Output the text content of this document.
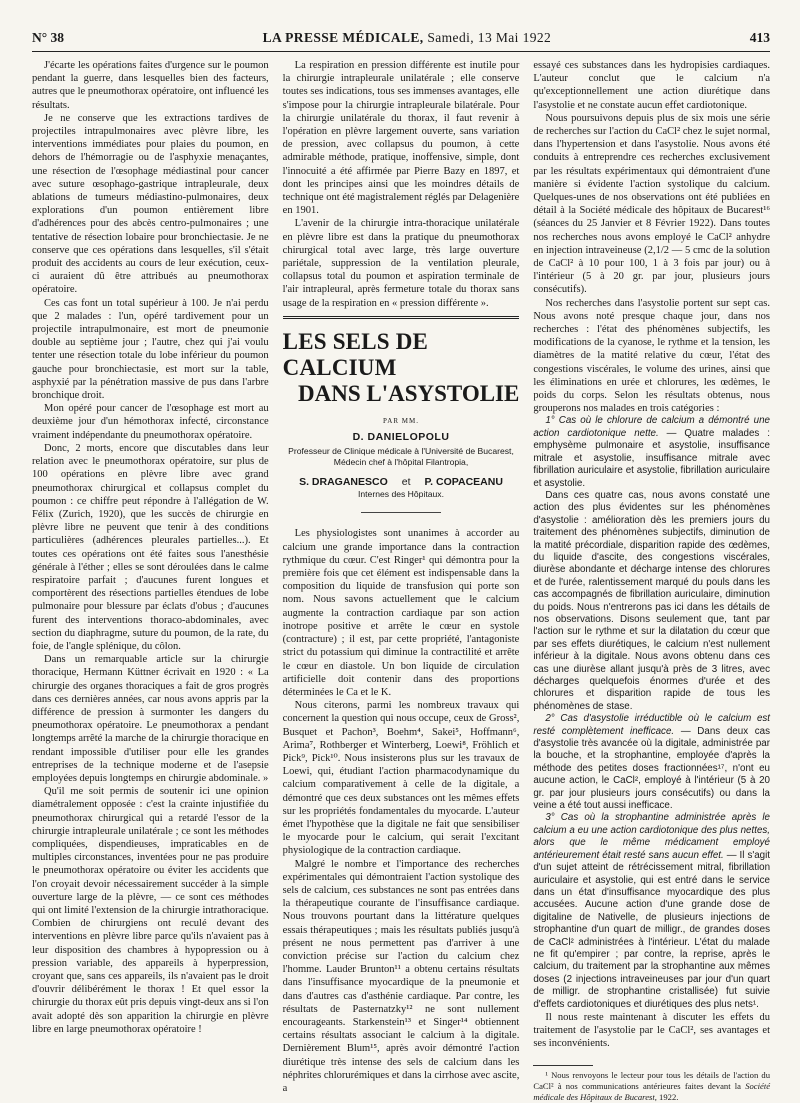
N° 38	LA PRESSE MÉDICALE, Samedi, 13 Mai 1922	413

J'écarte les opérations faites d'urgence sur le poumon pendant la guerre, dans lesquelles bien des facteurs, autres que le pneumothorax opératoire, ont influencé les résultats.

Je ne conserve que les extractions tardives de projectiles intrapulmonaires avec plèvre libre, les interventions immédiates pour plaies du poumon, en dehors de l'hémorragie ou de l'asphyxie menaçantes, une résection de l'œsophage médiastinal pour cancer avec suture œsophago-gastrique intrapleurale, deux ablations de tumeurs médiastino-pulmonaires, deux explorations d'un poumon entièrement libre d'adhérences pour des abcès centro-pulmonaires ; une tentative de résection lobaire pour bronchiectasie. Je ne conserve que ces opérations dans lesquelles, s'il s'était produit des accidents au cours de leur exécution, ceux-ci auraient dû être attribués au pneumothorax opératoire.

Ces cas font un total supérieur à 100. Je n'ai perdu que 2 malades : l'un, opéré tardivement pour un projectile intrapulmonaire, est mort de pneumonie double au septième jour ; l'autre, chez qui j'ai voulu tenter une résection totale du lobe inférieur du poumon gauche pour bronchiectasie, est mort sur la table, asphyxié par la pénétration massive de pus dans l'arbre bronchique droit.

Mon opéré pour cancer de l'œsophage est mort au deuxième jour d'un hémothorax infecté, circonstance vraiment indépendante du pneumothorax opératoire.

Donc, 2 morts, encore que discutables dans leur relation avec le pneumothorax opératoire, sur plus de 100 opérations en plèvre libre avec grand pneumothorax chirurgical et collapsus complet du poumon : ce chiffre peut répondre à l'allégation de W. Félix (Zurich, 1920), que les succès de chirurgie en plèvre libre ne peuvent que tenir à des conditions particulières (adhérences pleurales partielles...). Et toutes ces opérations ont été faites sous l'anesthésie générale à l'éther ; elles se sont déroulées dans le calme respiratoire parfait ; d'aucunes furent longues et comportèrent des résections partielles étendues de lobe pulmonaire pour blessure par éclats d'obus ; d'aucunes furent des interventions thoraco-abdominales, avec section du diaphragme, suture du poumon, de la rate, du foie, de l'angle splénique, du côlon.

Dans un remarquable article sur la chirurgie thoracique, Hermann Küttner écrivait en 1920 : « La chirurgie des organes thoraciques a fait de gros progrès dans ces dernières années, car nous avons appris par la différence de pression à surmonter les dangers du pneumothorax opératoire. Le pneumothorax a pendant longtemps arrêté la marche de la chirurgie thoracique en rendant impossible d'utiliser pour elle les grandes entreprises de la technique moderne et de l'asepsie employées depuis longtemps en chirurgie abdominale. »

Qu'il me soit permis de soutenir ici une opinion diamétralement opposée : c'est la crainte injustifiée du pneumothorax chirurgical qui a retardé l'essor de la chirurgie intrapleurale unilatérale ; ce sont les méthodes compliquées, dispendieuses, impraticables en de multiples circonstances, inventées pour ne pas produire le pneumothorax opératoire ou éviter les accidents que l'on croyait devoir nécessairement succéder à la simple ouverture large de la plèvre, — ce sont ces méthodes qui ont limité l'extension de la chirurgie intrathoracique. Combien de chirurgiens ont reculé devant des interventions en plèvre libre parce qu'ils n'avaient pas à leur disposition des chambres à hypopression ou à pression variable, des appareils à hyperpression, croyant que, sans ces appareils, ils n'avaient pas le droit d'ouvrir délibérément le thorax ! Et quel essor la chirurgie du thorax eût pris depuis vingt-deux ans si l'on avait adopté dès son apparition la chirurgie en plèvre libre en large pneumothorax opératoire !

La respiration en pression différente est inutile pour la chirurgie intrapleurale unilatérale ; elle conserve toutes ses indications, tous ses immenses avantages, elle s'impose pour la chirurgie intrapleurale bilatérale. Pour la chirurgie unilatérale du thorax, il faut revenir à l'opération en plèvre largement ouverte, sans variation de pression, avec collapsus du poumon, à cette admirable méthode, pratique, inoffensive, simple, dont l'innocuité a été affirmée par Pierre Bazy en 1897, et dont les principes ainsi que les moindres détails de technique ont été magistralement réglés par Delagenière en 1901.

L'avenir de la chirurgie intra-thoracique unilatérale en plèvre libre est dans la pratique du pneumothorax chirurgical total avec large, très large ouverture pariétale, suppression de la ventilation pleurale, collapsus total du poumon et aspiration terminale de l'air intrapleural, après fermeture totale du thorax sans usage de la respiration en « pression différente ».

LES SELS DE CALCIUM
DANS L'ASYSTOLIE
PAR MM.
D. DANIELOPOLU
Professeur de Clinique médicale à l'Université de Bucarest,
Médecin chef à l'hôpital Filantropia,
S. DRAGANESCO et P. COPACEANU
Internes des Hôpitaux.

Les physiologistes sont unanimes à accorder au calcium une grande importance dans la contraction rythmique du cœur. C'est Ringer¹ qui démontra pour la première fois que cet élément est indispensable dans la composition du liquide de transfusion qui porte son nom. Nous savons actuellement que le calcium augmente la contraction cardiaque par son action inotrope positive et arrête le cœur en systole (contracture) ; il est, par cette propriété, l'antagoniste strict du potassium qui diminue la contractilité et arrête le cœur en diastole. Un bon liquide de circulation artificielle doit contenir dans des proportions déterminées le Ca et le K.

Nous citerons, parmi les nombreux travaux qui concernent la question qui nous occupe, ceux de Gross², Busquet et Pachon³, Boehm⁴, Sakei⁵, Hoffmann⁶, Arima⁷, Rothberger et Winterberg, Loewi⁸, Fröhlich et Pick⁹, Pick¹⁰. Nous insisterons plus sur les travaux de Loewi, qui, étudiant l'action pharmacodynamique du calcium comparativement à celle de la digitale, a démontré que ces deux substances ont les mêmes effets sur les propriétés fondamentales du myocarde. L'auteur émet l'hypothèse que la digitale ne fait que sensibiliser le myocarde pour le calcium, qui serait l'excitant physiologique de la contraction cardiaque.

Malgré le nombre et l'importance des recherches expérimentales qui démontraient l'action systolique des sels de calcium, ces substances ne sont pas entrées dans la thérapeutique courante de l'insuffisance cardiaque. Nous trouvons pourtant dans la littérature quelques essais thérapeutiques ; mais les résultats publiés jusqu'à présent ne nous permettent pas d'arriver à une conviction précise sur l'action du calcium chez l'homme. Lauder Brunton¹¹ a obtenu certains résultats dans l'insuffisance myocardique de la pneumonie et dans d'autres cas d'asthénie cardiaque. Par contre, les résultats de Pasternatzky¹² ne sont nullement encourageants. Starkenstein¹³ et Singer¹⁴ obtiennent certains résultats associant le calcium à la digitale. Dernièrement Blum¹⁵, après avoir démontré l'action diurétique très intense des sels de calcium dans les néphrites chlorurémiques et dans la cirrhose avec ascite, a

essayé ces substances dans les hydropisies cardiaques. L'auteur conclut que le calcium n'a qu'exceptionnellement une action diurétique dans l'asystolie et ne constate aucun effet cardiotonique.

Nous poursuivons depuis plus de six mois une série de recherches sur l'action du CaCl² chez le sujet normal, dans l'hypertension et dans l'asystolie. Nous avons été conduits à entreprendre ces recherches exclusivement par les résultats expérimentaux qui démontraient d'une manière si évidente l'action systolique du calcium. Quelques-unes de nos observations ont été publiées en détail à la Société médicale des hôpitaux de Bucarest¹⁶ (séances du 25 Janvier et 8 Février 1922). Dans toutes nos recherches nous avons employé le CaCl² anhydre en injection intraveineuse (2,1/2 — 5 cmc de la solution de CaCl² à 10 pour 100, 1 à 3 fois par jour) ou à l'intérieur (5 à 20 gr. par jour, plusieurs jours consécutifs).

Nos recherches dans l'asystolie portent sur sept cas. Nous avons noté presque chaque jour, dans nos recherches : l'état des phénomènes subjectifs, les modifications de la cyanose, le rythme et la tension, les diamètres de la matité relative du cœur, l'état des congestions viscérales, le volume des urines, ainsi que les éliminations en urée et chlorures, les œdèmes, le poids du corps. Selon les résultats obtenus, nous grouperons nos malades en trois catégories :

1° Cas où le chlorure de calcium a démontré une action cardiotonique nette. — Quatre malades : emphysème pulmonaire et asystolie, insuffisance mitrale et asystolie, insuffisance mitrale avec fibrillation auriculaire et asystolie, fibrillation auriculaire et asystolie.

Dans ces quatre cas, nous avons constaté une action des plus évidentes sur les phénomènes d'asystolie : amélioration dès les premiers jours du traitement des phénomènes subjectifs, diminution de la matité précordiale, disparition rapide des œdèmes, du liquide d'ascite, des congestions viscérales, diurèse abondante et décharge intense des chlorures et de l'urée, ralentissement marqué du pouls dans les cas accompagnés de fibrillation auriculaire, diminution du poids. Nous n'entrerons pas ici dans les détails de nos observations. Disons seulement que, tant par l'action sur le rythme et sur la dilatation du cœur que par ses effets diurétiques, le calcium n'est nullement inférieur à la digitale. Nous avons obtenu dans ces cas une diurèse allant jusqu'à près de 3 litres, avec décharges quelquefois énormes d'urée et des chlorures et disparition rapide de tous les phénomènes de stase.

2° Cas d'asystolie irréductible où le calcium est resté complètement inefficace. — Dans deux cas d'asystolie très avancée où la digitale, administrée par la bouche, et la strophantine, employée d'après la méthode des petites doses fractionnées¹⁷, n'ont eu aucune action, le CaCl², employé à l'intérieur (5 à 20 gr. par jour plusieurs jours consécutifs) ou dans la veine a été tout aussi inefficace.

3° Cas où la strophantine administrée après le calcium a eu une action cardiotonique des plus nettes, alors que le même médicament employé antérieurement était resté sans aucun effet. — Il s'agit d'un sujet atteint de rétrécissement mitral, fibrillation auriculaire et asystolie, qui est entré dans le service dans un état d'insuffisance myocardique des plus accusées. Aucune action d'une grande dose de digitaline de Nativelle, de plusieurs injections de strophantine d'un quart de milligr., de grandes doses de CaCl² administrées à l'intérieur. L'état du malade ne fit qu'empirer ; par contre, la reprise, après le calcium, du traitement par la strophantine aux mêmes doses (2 injections intraveineuses par jour d'un quart de milligr. de strophantine cristallisée) fut suivie d'effets cardiotoniques et diurétiques des plus nets¹.

Il nous reste maintenant à discuter les effets du traitement de l'asystolie par le CaCl², ses avantages et ses inconvénients.

¹ Nous renvoyons le lecteur pour tous les détails de l'action du CaCl² à nos communications antérieures faites devant la Société médicale des Hôpitaux de Bucarest, 1922.
